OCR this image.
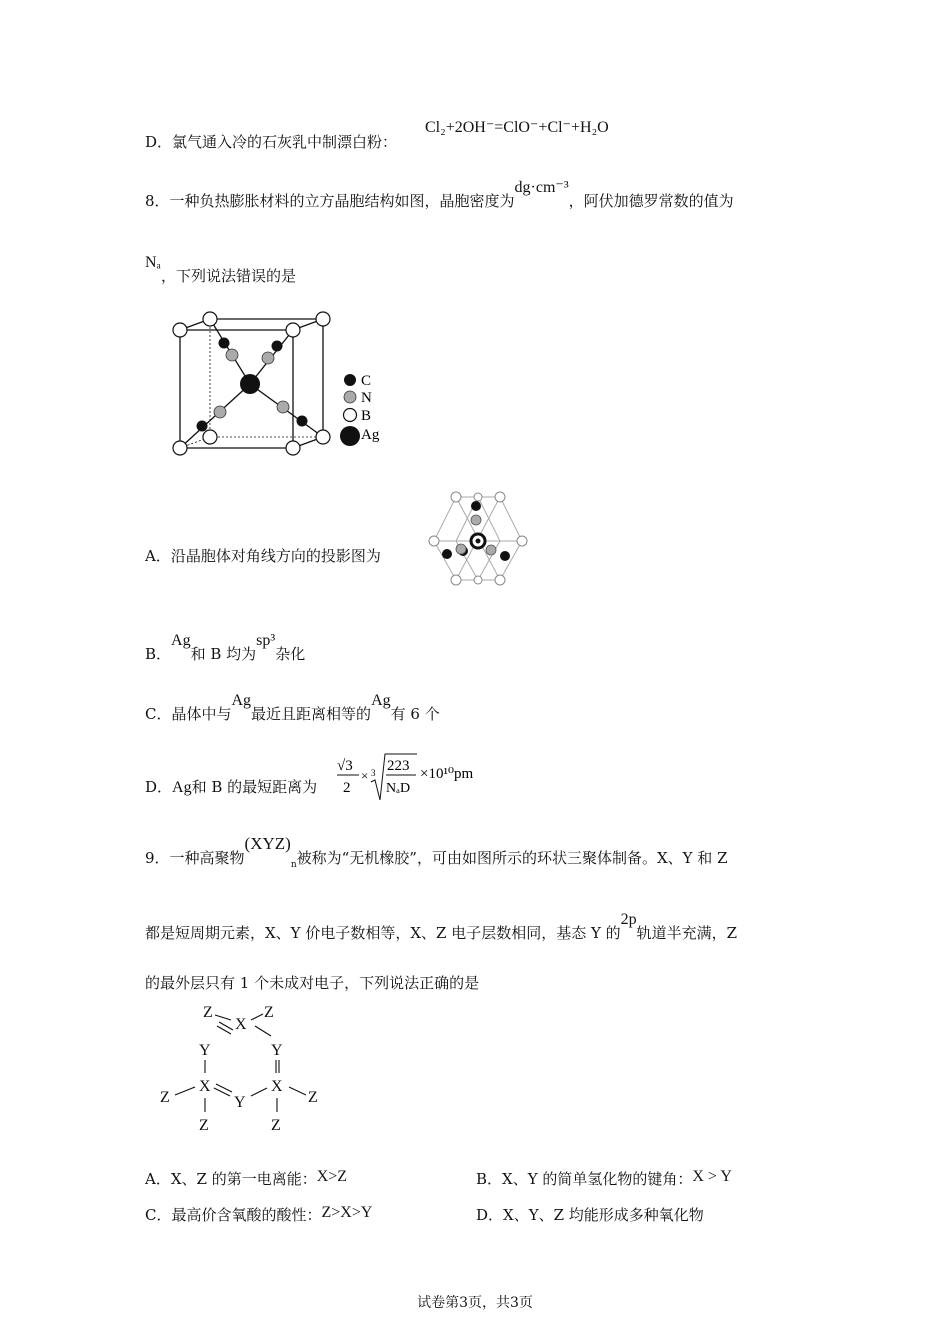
D．氯气通入冷的石灰乳中制漂白粉：
Cl₂+2OH⁻=ClO⁻+Cl⁻+H₂O
8．一种负热膨胀材料的立方晶胞结构如图，晶胞密度为dg·cm⁻³，阿伏加德罗常数的值为
Nₐ，下列说法错误的是
C
N
B
Ag
A．沿晶胞体对角线方向的投影图为
B．Ag和 B 均为sp³杂化
C．晶体中与Ag最近且距离相等的Ag有 6 个
D．Ag和 B 的最短距离为
√3
2
× 3 223
NₐD
×10¹⁰pm
9．一种高聚物$(XYZ)_n$被称为“无机橡胶”，可由如图所示的环状三聚体制备。X、Y 和 Z
都是短周期元素，X、Y 价电子数相等，X、Z 电子层数相同，基态 Y 的2p轨道半充满，Z
的最外层只有 1 个未成对电子，下列说法正确的是
Z
X
Z
Y	Y
Z
X
Y
X
Z
Z	Z
A．X、Z 的第一电离能：X>Z	B．X、Y 的简单氢化物的键角：X > Y
C．最高价含氧酸的酸性：Z>X>Y	D．X、Y、Z 均能形成多种氧化物
试卷第3页，共3页
